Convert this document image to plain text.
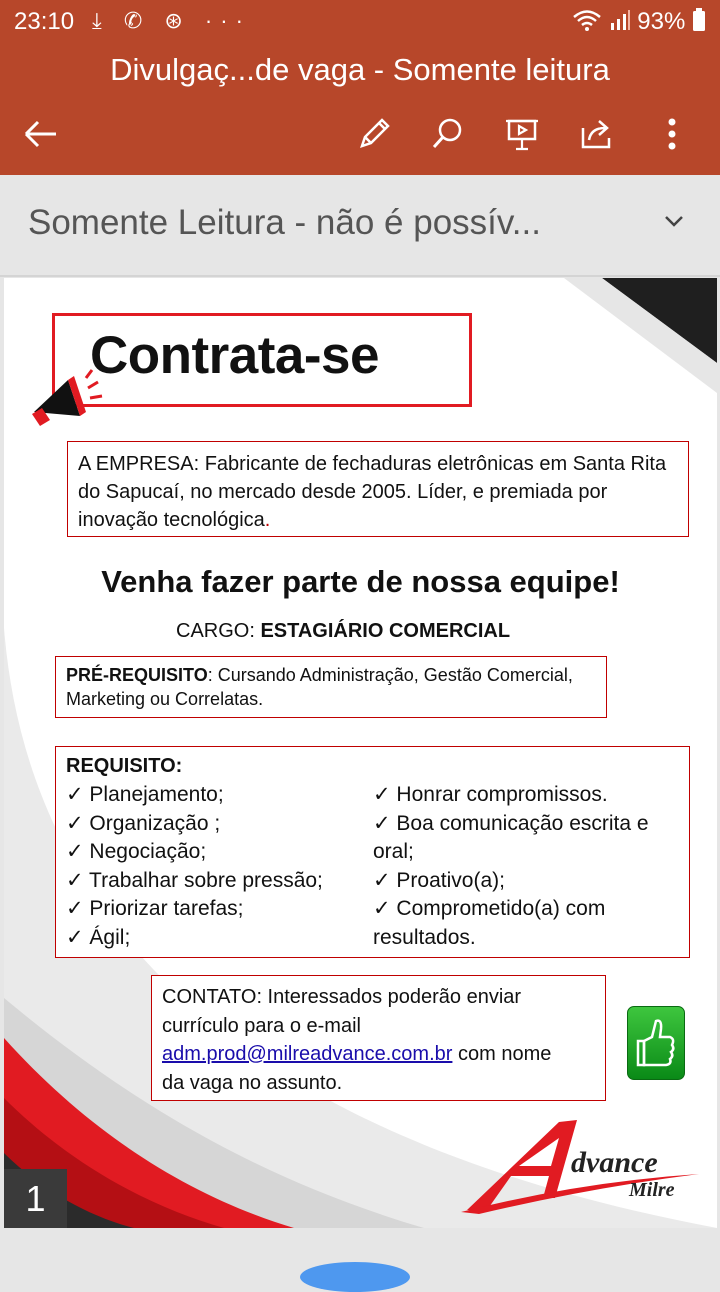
23:10 ⤓ ✆ ⊛ ···	93%
Divulgaç...de vaga - Somente leitura
Somente Leitura - não é possív...
Contrata-se
A EMPRESA: Fabricante de fechaduras eletrônicas em Santa Rita do Sapucaí, no mercado desde 2005. Líder, e premiada por inovação tecnológica.
Venha fazer parte de nossa equipe!
CARGO: ESTAGIÁRIO COMERCIAL
PRÉ-REQUISITO: Cursando Administração, Gestão Comercial, Marketing ou Correlatas.
REQUISITO:
✓ Planejamento;
✓ Organização ;
✓ Negociação;
✓ Trabalhar sobre pressão;
✓ Priorizar tarefas;
✓ Ágil;
✓ Honrar compromissos.
✓ Boa comunicação escrita e
oral;
✓ Proativo(a);
✓ Comprometido(a) com
resultados.
CONTATO: Interessados poderão enviar
currículo para o e-mail
adm.prod@milreadvance.com.br com nome
da vaga no assunto.
dvance
Milre
1
